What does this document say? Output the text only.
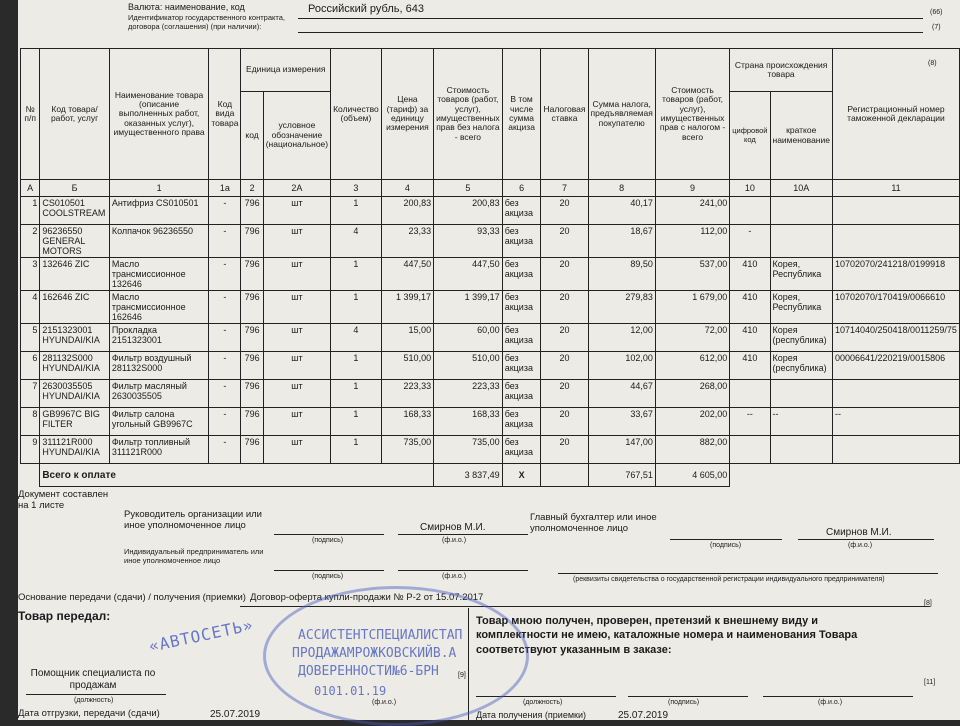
Валюта: наименование, код	Российский рубль, 643	(66)
Идентификатор государственного контракта, договора (соглашения) (при наличии):	(7)
(8)
№ п/п	Код товара/ работ, услуг	Наименование товара (описание выполненных работ, оказанных услуг), имущественного права	Код вида товара	Единица измерения		Количество (объем)	Цена (тариф) за единицу измерения	Стоимость товаров (работ, услуг), имущественных прав без налога - всего	В том числе сумма акциза	Налоговая ставка	Сумма налога, предъявляемая покупателю	Стоимость товаров (работ, услуг), имущественных прав с налогом - всего	Страна происхождения товара		Регистрационный номер таможенной декларации
				код	условное обозначение (национальное)								цифровой код	краткое наименование	
А	Б	1	1а	2	2А	3	4	5	6	7	8	9	10	10А	11
1	CS010501 COOLSTREAM	Антифриз CS010501	-	796	шт	1	200,83	200,83	без акциза	20	40,17	241,00			
2	96236550 GENERAL MOTORS	Колпачок 96236550	-	796	шт	4	23,33	93,33	без акциза	20	18,67	112,00	-		
3	132646 ZIC	Масло трансмиссионное 132646	-	796	шт	1	447,50	447,50	без акциза	20	89,50	537,00	410	Корея, Республика	10702070/241218/0199918
4	162646 ZIC	Масло трансмиссионное 162646	-	796	шт	1	1 399,17	1 399,17	без акциза	20	279,83	1 679,00	410	Корея, Республика	10702070/170419/0066610
5	2151323001 HYUNDAI/KIA	Прокладка 2151323001	-	796	шт	4	15,00	60,00	без акциза	20	12,00	72,00	410	Корея (республика)	10714040/250418/0011259/75
6	281132S000 HYUNDAI/KIA	Фильтр воздушный 281132S000	-	796	шт	1	510,00	510,00	без акциза	20	102,00	612,00	410	Корея (республика)	00006641/220219/0015806
7	2630035505 HYUNDAI/KIA	Фильтр масляный 2630035505	-	796	шт	1	223,33	223,33	без акциза	20	44,67	268,00			
8	GB9967C BIG FILTER	Фильтр салона угольный GB9967C	-	796	шт	1	168,33	168,33	без акциза	20	33,67	202,00	--	--	--
9	311121R000 HYUNDAI/KIA	Фильтр топливный 311121R000	-	796	шт	1	735,00	735,00	без акциза	20	147,00	882,00			
	Всего к оплате							3 837,49	X		767,51	4 605,00			
Документ составлен на 1 листе
Руководитель организации или иное уполномоченное лицо	Смирнов М.И.
(подпись)	(ф.и.о.)
Главный бухгалтер или иное уполномоченное лицо	Смирнов М.И.
(подпись)	(ф.и.о.)
Индивидуальный предприниматель или иное уполномоченное лицо
(подпись)	(ф.и.о.)	(реквизиты свидетельства о государственной регистрации индивидуального предпринимателя)
Основание передачи (сдачи) / получения (приемки) Договор-оферта купли-продажи № Р-2 от 15.07.2017
[8]
Товар передал:	Товар мною получен, проверен, претензий к внешнему виду и комплектности не имею, каталожные номера и наименования Товара соответствуют указанным в заказе:
Помощник специалиста по продажам
(должность)
[9]
(ф.и.о.)	(должность)	(подпись)	(ф.и.о.)
[11]
Дата отгрузки, передачи (сдачи)	25.07.2019	Дата получения (приемки)	25.07.2019
«АВТОСЕТЬ»	АССИСТЕНТСПЕЦИАЛИСТАП
ПРОДАЖАМРОЖКОВСКИЙВ.А
ДОВЕРЕННОСТИ№6-БРН
0101.01.19
